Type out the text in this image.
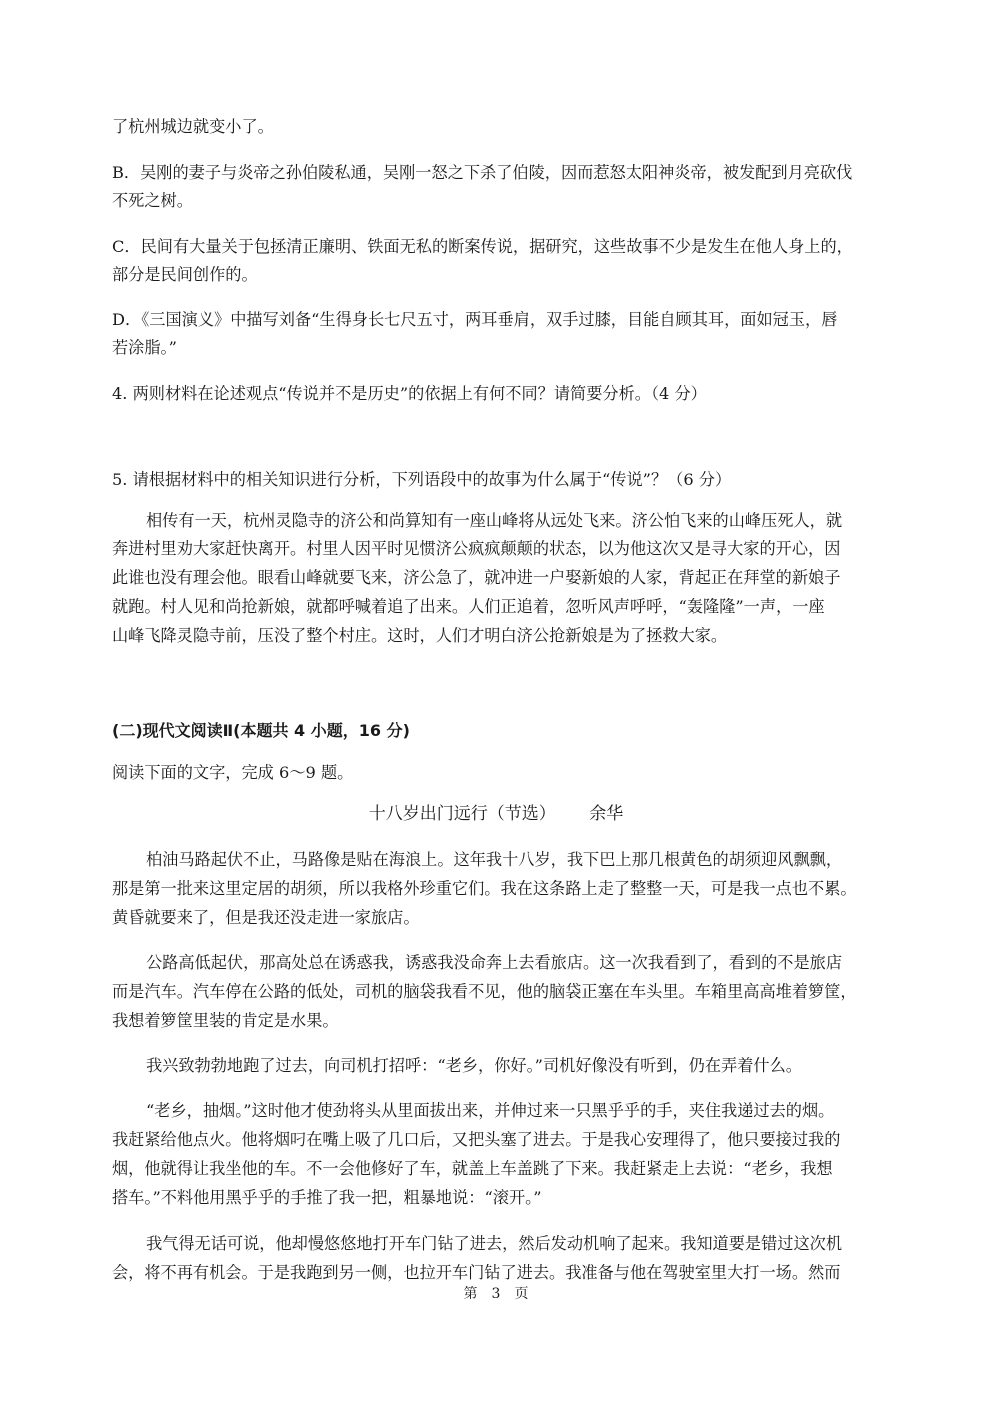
了杭州城边就变小了。
B．吴刚的妻子与炎帝之孙伯陵私通，吴刚一怒之下杀了伯陵，因而惹怒太阳神炎帝，被发配到月亮砍伐
不死之树。
C．民间有大量关于包拯清正廉明、铁面无私的断案传说，据研究，这些故事不少是发生在他人身上的，
部分是民间创作的。
D．《三国演义》中描写刘备“生得身长七尺五寸，两耳垂肩，双手过膝，目能自顾其耳，面如冠玉，唇
若涂脂。”
4. 两则材料在论述观点“传说并不是历史”的依据上有何不同？请简要分析。（4 分）
5. 请根据材料中的相关知识进行分析，下列语段中的故事为什么属于“传说”？（6 分）
相传有一天，杭州灵隐寺的济公和尚算知有一座山峰将从远处飞来。济公怕飞来的山峰压死人，就
奔进村里劝大家赶快离开。村里人因平时见惯济公疯疯颠颠的状态，以为他这次又是寻大家的开心，因
此谁也没有理会他。眼看山峰就要飞来，济公急了，就冲进一户娶新娘的人家，背起正在拜堂的新娘子
就跑。村人见和尚抢新娘，就都呼喊着追了出来。人们正追着，忽听风声呼呼，“轰隆隆”一声，一座
山峰飞降灵隐寺前，压没了整个村庄。这时，人们才明白济公抢新娘是为了拯救大家。
(二)现代文阅读Ⅱ(本题共 4 小题，16 分)
阅读下面的文字，完成 6～9 题。
十八岁出门远行（节选） 余华
柏油马路起伏不止，马路像是贴在海浪上。这年我十八岁，我下巴上那几根黄色的胡须迎风飘飘，
那是第一批来这里定居的胡须，所以我格外珍重它们。我在这条路上走了整整一天，可是我一点也不累。
黄昏就要来了，但是我还没走进一家旅店。
公路高低起伏，那高处总在诱惑我，诱惑我没命奔上去看旅店。这一次我看到了，看到的不是旅店
而是汽车。汽车停在公路的低处，司机的脑袋我看不见，他的脑袋正塞在车头里。车箱里高高堆着箩筐，
我想着箩筐里装的肯定是水果。
我兴致勃勃地跑了过去，向司机打招呼：“老乡，你好。”司机好像没有听到，仍在弄着什么。
“老乡，抽烟。”这时他才使劲将头从里面拔出来，并伸过来一只黑乎乎的手，夹住我递过去的烟。
我赶紧给他点火。他将烟叼在嘴上吸了几口后，又把头塞了进去。于是我心安理得了，他只要接过我的
烟，他就得让我坐他的车。不一会他修好了车，就盖上车盖跳了下来。我赶紧走上去说：“老乡，我想
搭车。”不料他用黑乎乎的手推了我一把，粗暴地说：“滚开。”
我气得无话可说，他却慢悠悠地打开车门钻了进去，然后发动机响了起来。我知道要是错过这次机
会，将不再有机会。于是我跑到另一侧，也拉开车门钻了进去。我准备与他在驾驶室里大打一场。然而
第　3　页
